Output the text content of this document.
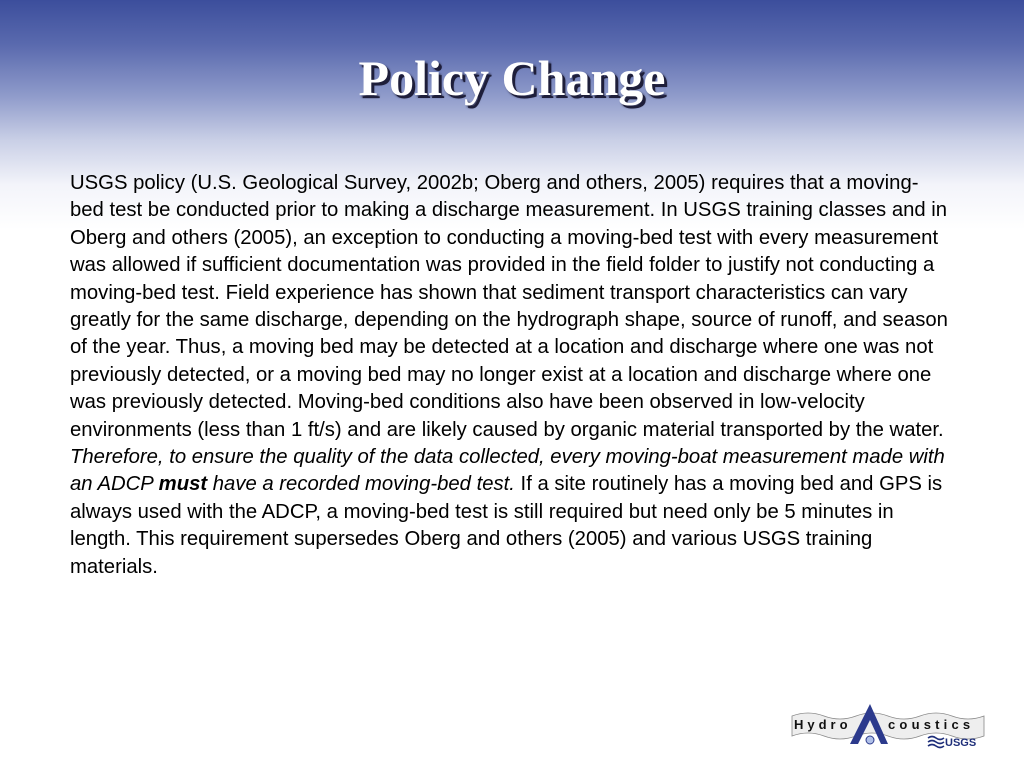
Policy Change

USGS policy (U.S. Geological Survey, 2002b; Oberg and others, 2005) requires that a moving-bed test be conducted prior to making a discharge measurement. In USGS training classes and in Oberg and others (2005), an exception to conducting a moving-bed test with every measurement was allowed if sufficient documentation was provided in the field folder to justify not conducting a moving-bed test. Field experience has shown that sediment transport characteristics can vary greatly for the same discharge, depending on the hydrograph shape, source of runoff, and season of the year. Thus, a moving bed may be detected at a location and discharge where one was not previously detected, or a moving bed may no longer exist at a location and discharge where one was previously detected. Moving-bed conditions also have been observed in low-velocity environments (less than 1 ft/s) and are likely caused by organic material transported by the water. Therefore, to ensure the quality of the data collected, every moving-boat measurement made with an ADCP must have a recorded moving-bed test. If a site routinely has a moving bed and GPS is always used with the ADCP, a moving-bed test is still required but need only be 5 minutes in length. This requirement supersedes Oberg and others (2005) and various USGS training materials.

Hydro
A
coustics
USGS
